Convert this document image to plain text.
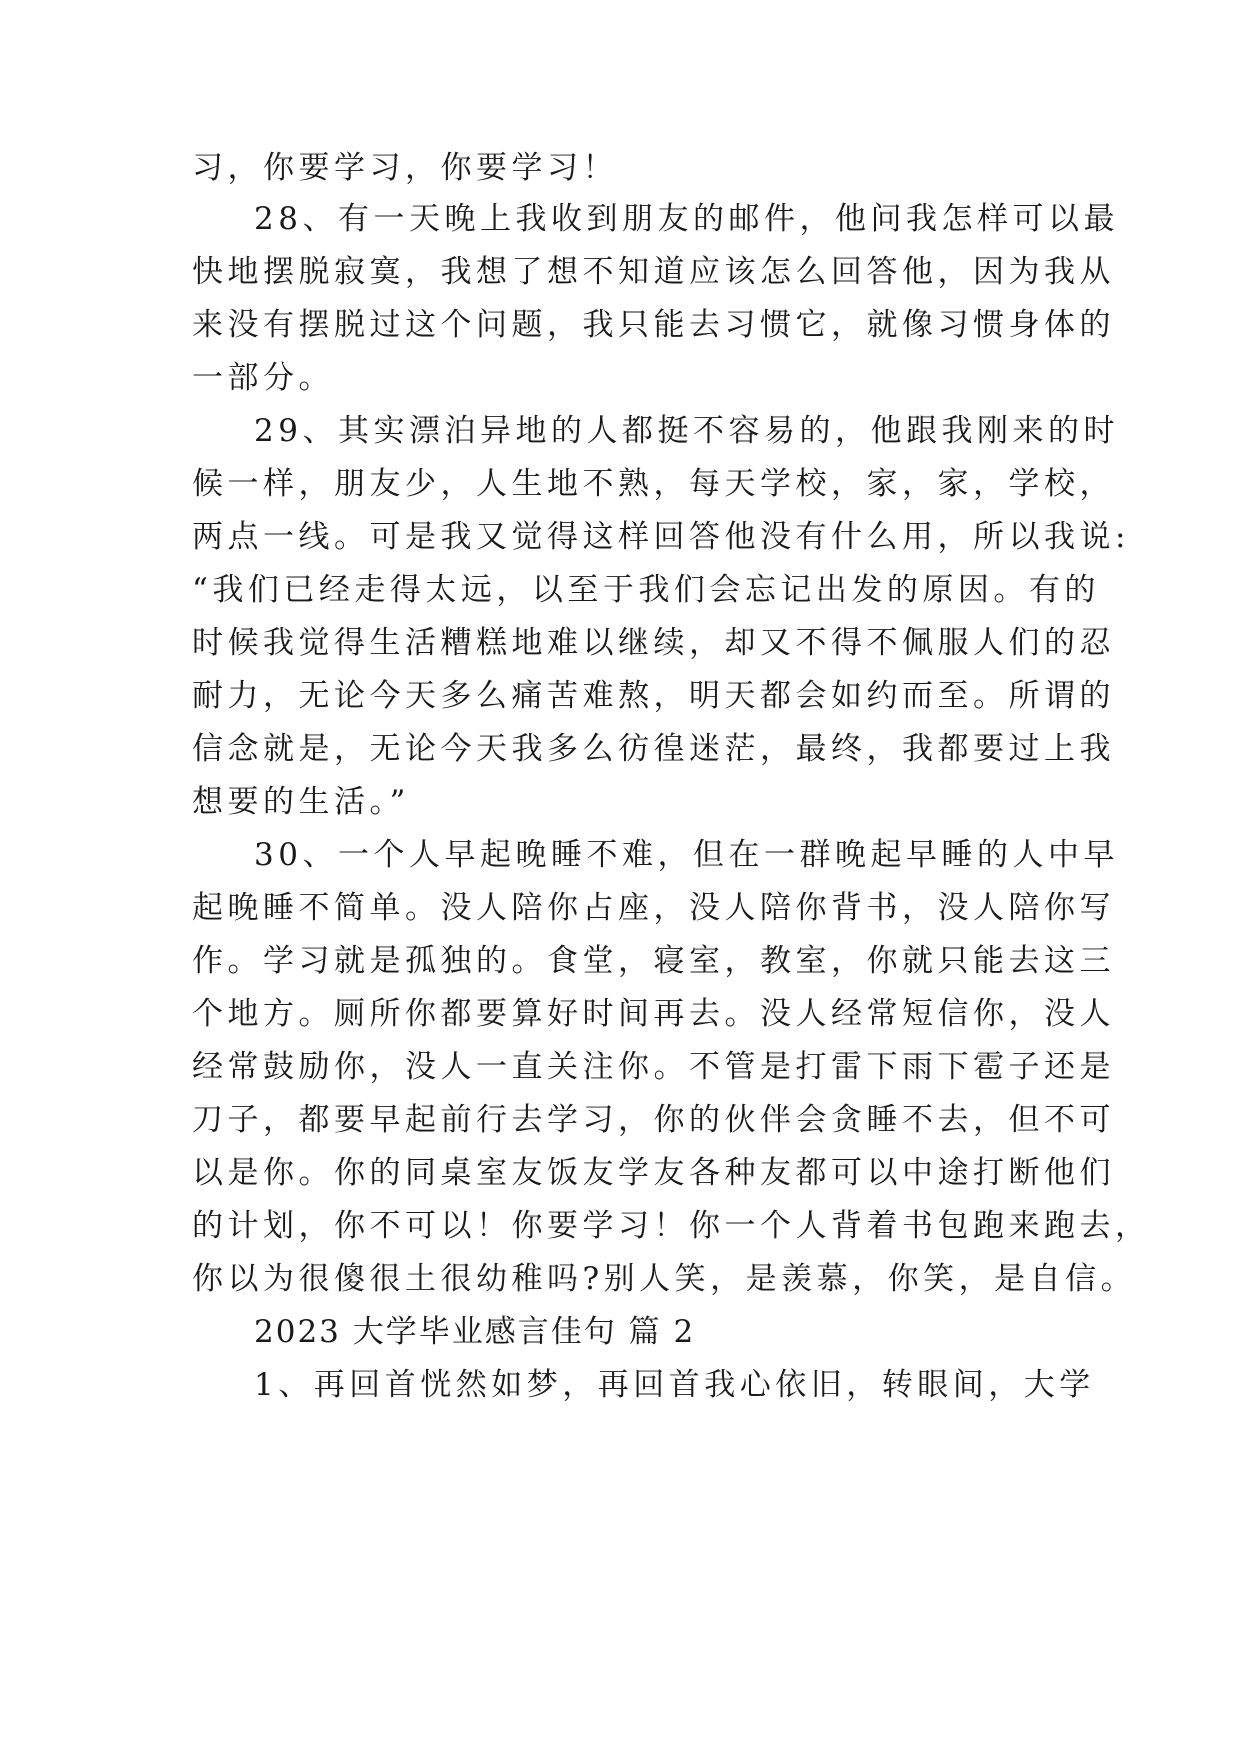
习，你要学习，你要学习！
28、有一天晚上我收到朋友的邮件，他问我怎样可以最
快地摆脱寂寞，我想了想不知道应该怎么回答他，因为我从
来没有摆脱过这个问题，我只能去习惯它，就像习惯身体的
一部分。
29、其实漂泊异地的人都挺不容易的，他跟我刚来的时
候一样，朋友少，人生地不熟，每天学校，家，家，学校，
两点一线。可是我又觉得这样回答他没有什么用，所以我说:
“我们已经走得太远，以至于我们会忘记出发的原因。有的
时候我觉得生活糟糕地难以继续，却又不得不佩服人们的忍
耐力，无论今天多么痛苦难熬，明天都会如约而至。所谓的
信念就是，无论今天我多么彷徨迷茫，最终，我都要过上我
想要的生活。”
30、一个人早起晚睡不难，但在一群晚起早睡的人中早
起晚睡不简单。没人陪你占座，没人陪你背书，没人陪你写
作。学习就是孤独的。食堂，寝室，教室，你就只能去这三
个地方。厕所你都要算好时间再去。没人经常短信你，没人
经常鼓励你，没人一直关注你。不管是打雷下雨下雹子还是
刀子，都要早起前行去学习，你的伙伴会贪睡不去，但不可
以是你。你的同桌室友饭友学友各种友都可以中途打断他们
的计划，你不可以！你要学习！你一个人背着书包跑来跑去，
你以为很傻很土很幼稚吗?别人笑，是羡慕，你笑，是自信。
2023 大学毕业感言佳句 篇 2
1、再回首恍然如梦，再回首我心依旧，转眼间，大学
